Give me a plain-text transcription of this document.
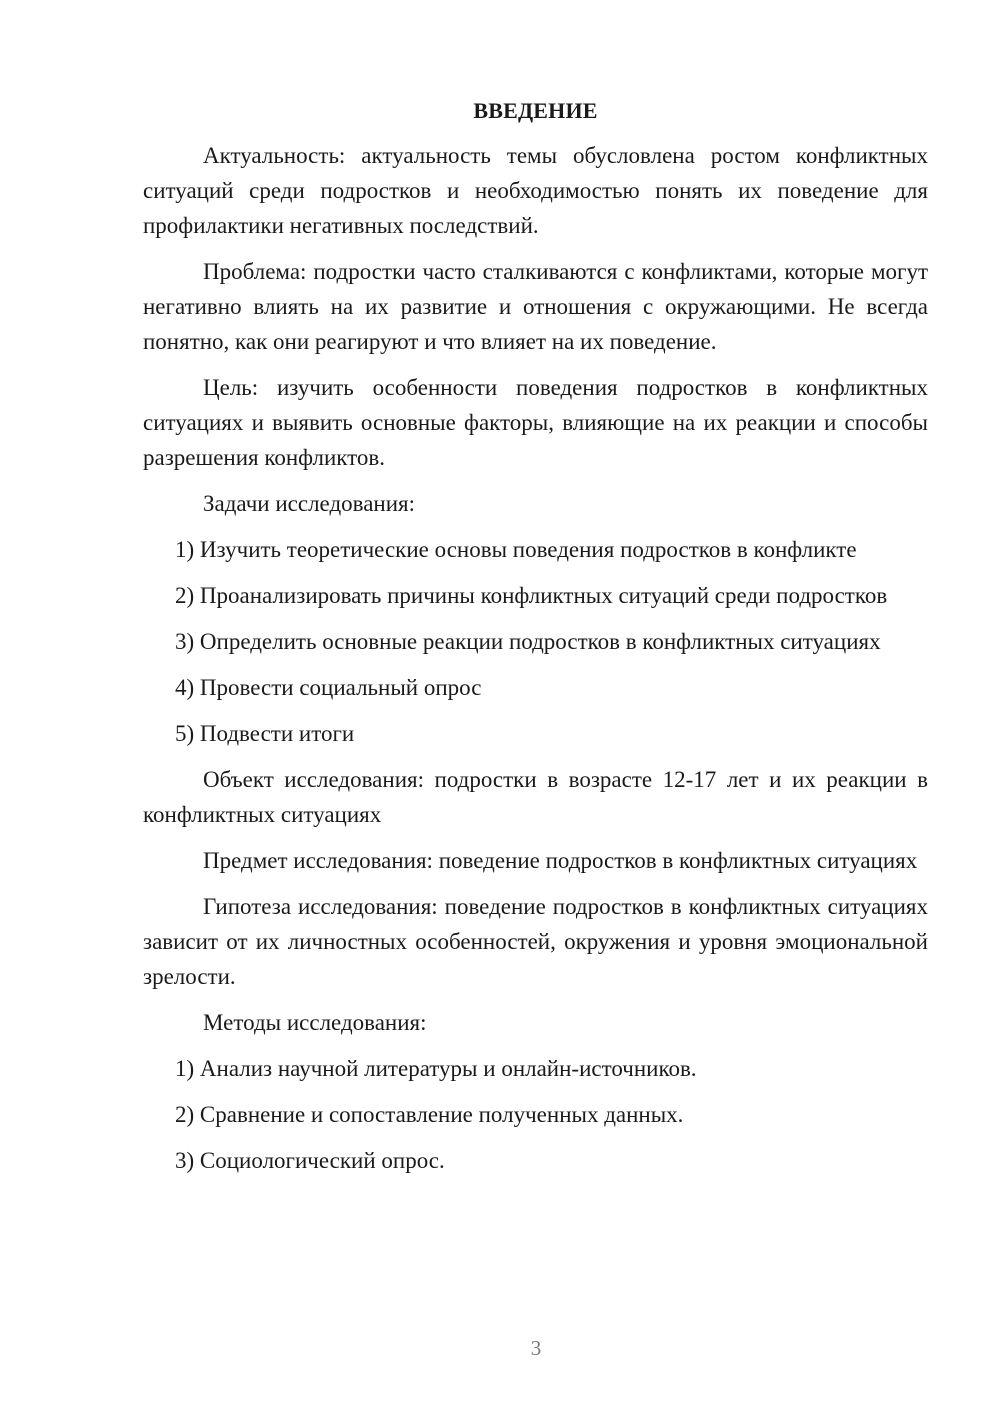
ВВЕДЕНИЕ

Актуальность: актуальность темы обусловлена ростом конфликтных ситуаций среди подростков и необходимостью понять их поведение для профилактики негативных последствий.

Проблема: подростки часто сталкиваются с конфликтами, которые могут негативно влиять на их развитие и отношения с окружающими. Не всегда понятно, как они реагируют и что влияет на их поведение.

Цель: изучить особенности поведения подростков в конфликтных ситуациях и выявить основные факторы, влияющие на их реакции и способы разрешения конфликтов.

Задачи исследования:

1) Изучить теоретические основы поведения подростков в конфликте

2) Проанализировать причины конфликтных ситуаций среди подростков

3) Определить основные реакции подростков в конфликтных ситуациях

4) Провести социальный опрос

5) Подвести итоги

Объект исследования: подростки в возрасте 12-17 лет и их реакции в конфликтных ситуациях

Предмет исследования: поведение подростков в конфликтных ситуациях

Гипотеза исследования: поведение подростков в конфликтных ситуациях зависит от их личностных особенностей, окружения и уровня эмоциональной зрелости.

Методы исследования:

1) Анализ научной литературы и онлайн-источников.

2) Сравнение и сопоставление полученных данных.

3) Социологический опрос.

3
